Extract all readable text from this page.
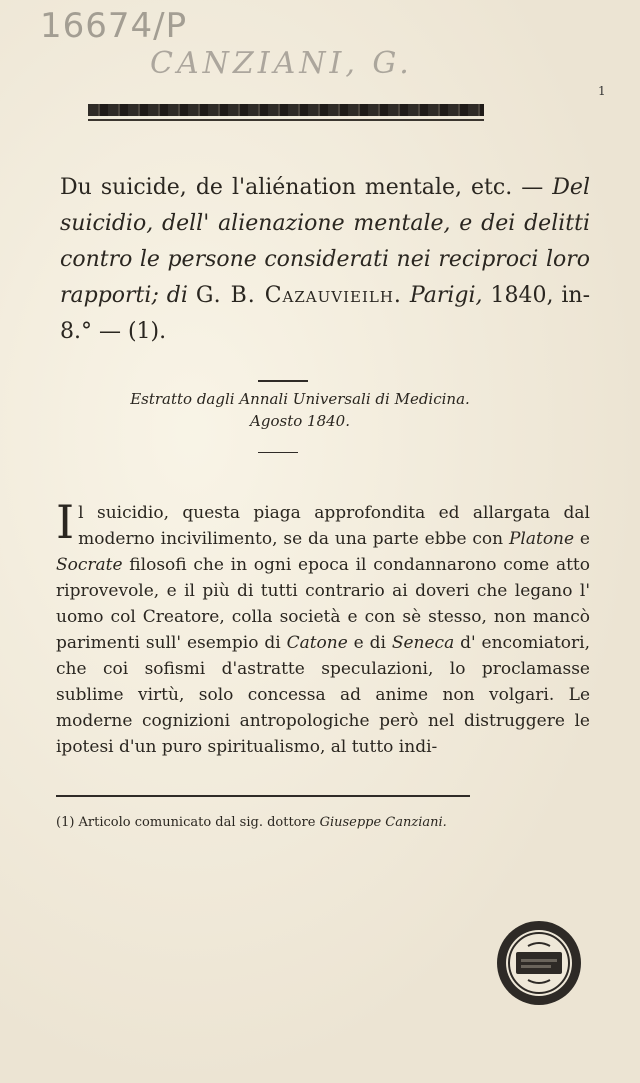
16674/P
CANZIANI, G.
1
Du suicide, de l'aliénation mentale, etc. — Del suicidio, dell' alienazione mentale, e dei delitti contro le persone considerati nei reciproci loro rapporti; di G. B. Cazauvieilh. Parigi, 1840, in-8.° — (1).
Estratto dagli Annali Universali di Medicina.
Agosto 1840.
Il suicidio, questa piaga approfondita ed allargata dal moderno incivilimento, se da una parte ebbe con Platone e Socrate filosofi che in ogni epoca il condannarono come atto riprovevole, e il più di tutti contrario ai doveri che legano l' uomo col Creatore, colla società e con sè stesso, non mancò parimenti sull' esempio di Catone e di Seneca d' encomiatori, che coi sofismi d'astratte speculazioni, lo proclamasse sublime virtù, solo concessa ad anime non volgari. Le moderne cognizioni antropologiche però nel distruggere le ipotesi d'un puro spiritualismo, al tutto indi-
(1) Articolo comunicato dal sig. dottore Giuseppe Canziani.
